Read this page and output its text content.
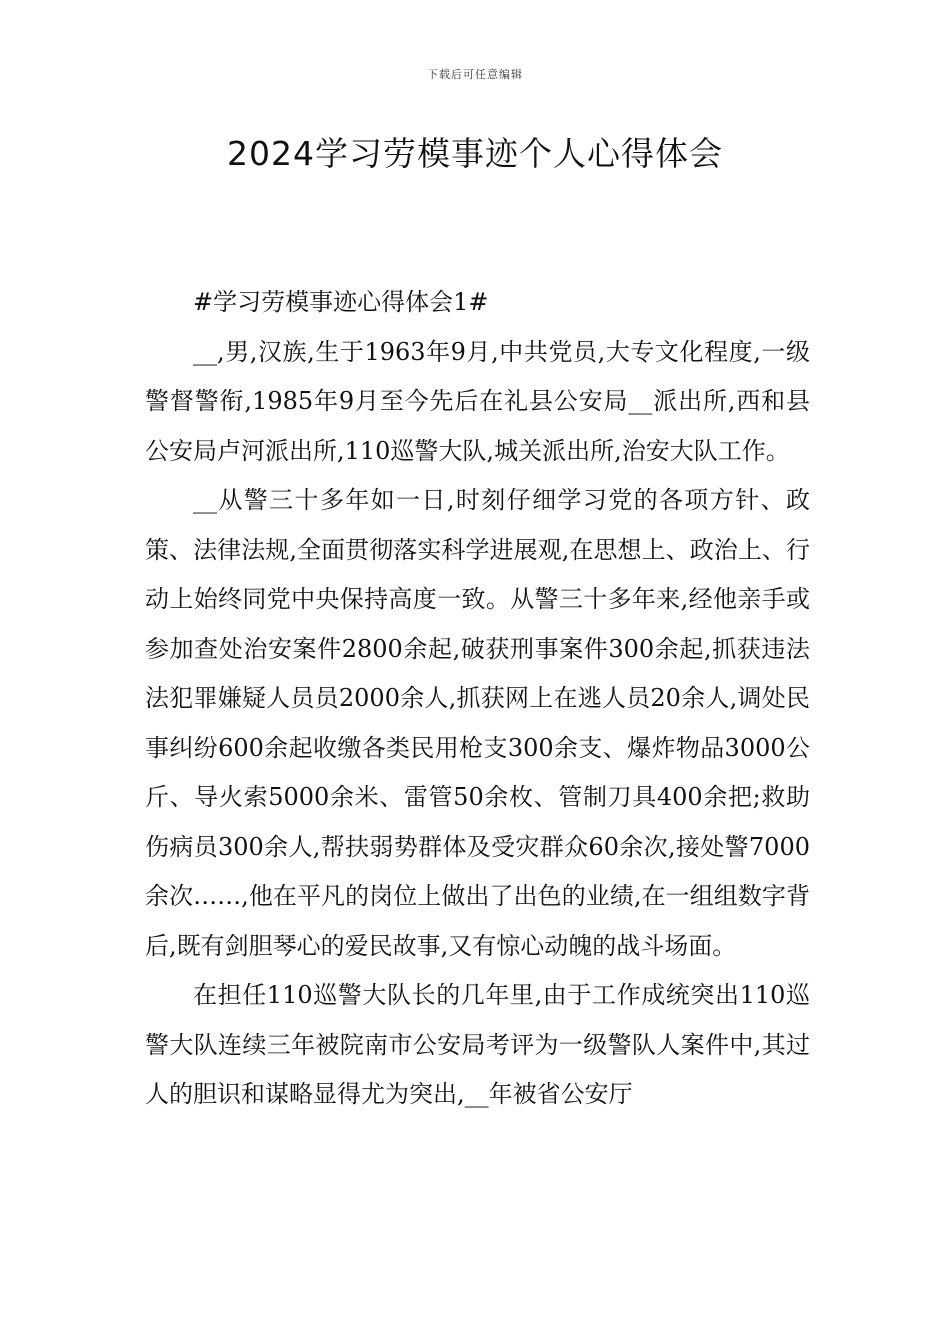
下载后可任意编辑
2024学习劳模事迹个人心得体会

#学习劳模事迹心得体会1#

__,男,汉族,生于1963年9月,中共党员,大专文化程度,一级警督警衔,1985年9月至今先后在礼县公安局__派出所,西和县公安局卢河派出所,110巡警大队,城关派出所,治安大队工作。

__从警三十多年如一日,时刻仔细学习党的各项方针、政策、法律法规,全面贯彻落实科学进展观,在思想上、政治上、行动上始终同党中央保持高度一致。从警三十多年来,经他亲手或参加查处治安案件2800余起,破获刑事案件300余起,抓获违法法犯罪嫌疑人员员2000余人,抓获网上在逃人员20余人,调处民事纠纷600余起收缴各类民用枪支300余支、爆炸物品3000公斤、导火索5000余米、雷管50余枚、管制刀具400余把;救助伤病员300余人,帮扶弱势群体及受灾群众60余次,接处警7000余次……,他在平凡的岗位上做出了出色的业绩,在一组组数字背后,既有剑胆琴心的爱民故事,又有惊心动魄的战斗场面。

在担任110巡警大队长的几年里,由于工作成统突出110巡警大队连续三年被院南市公安局考评为一级警队人案件中,其过人的胆识和谋略显得尤为突出,__年被省公安厅
